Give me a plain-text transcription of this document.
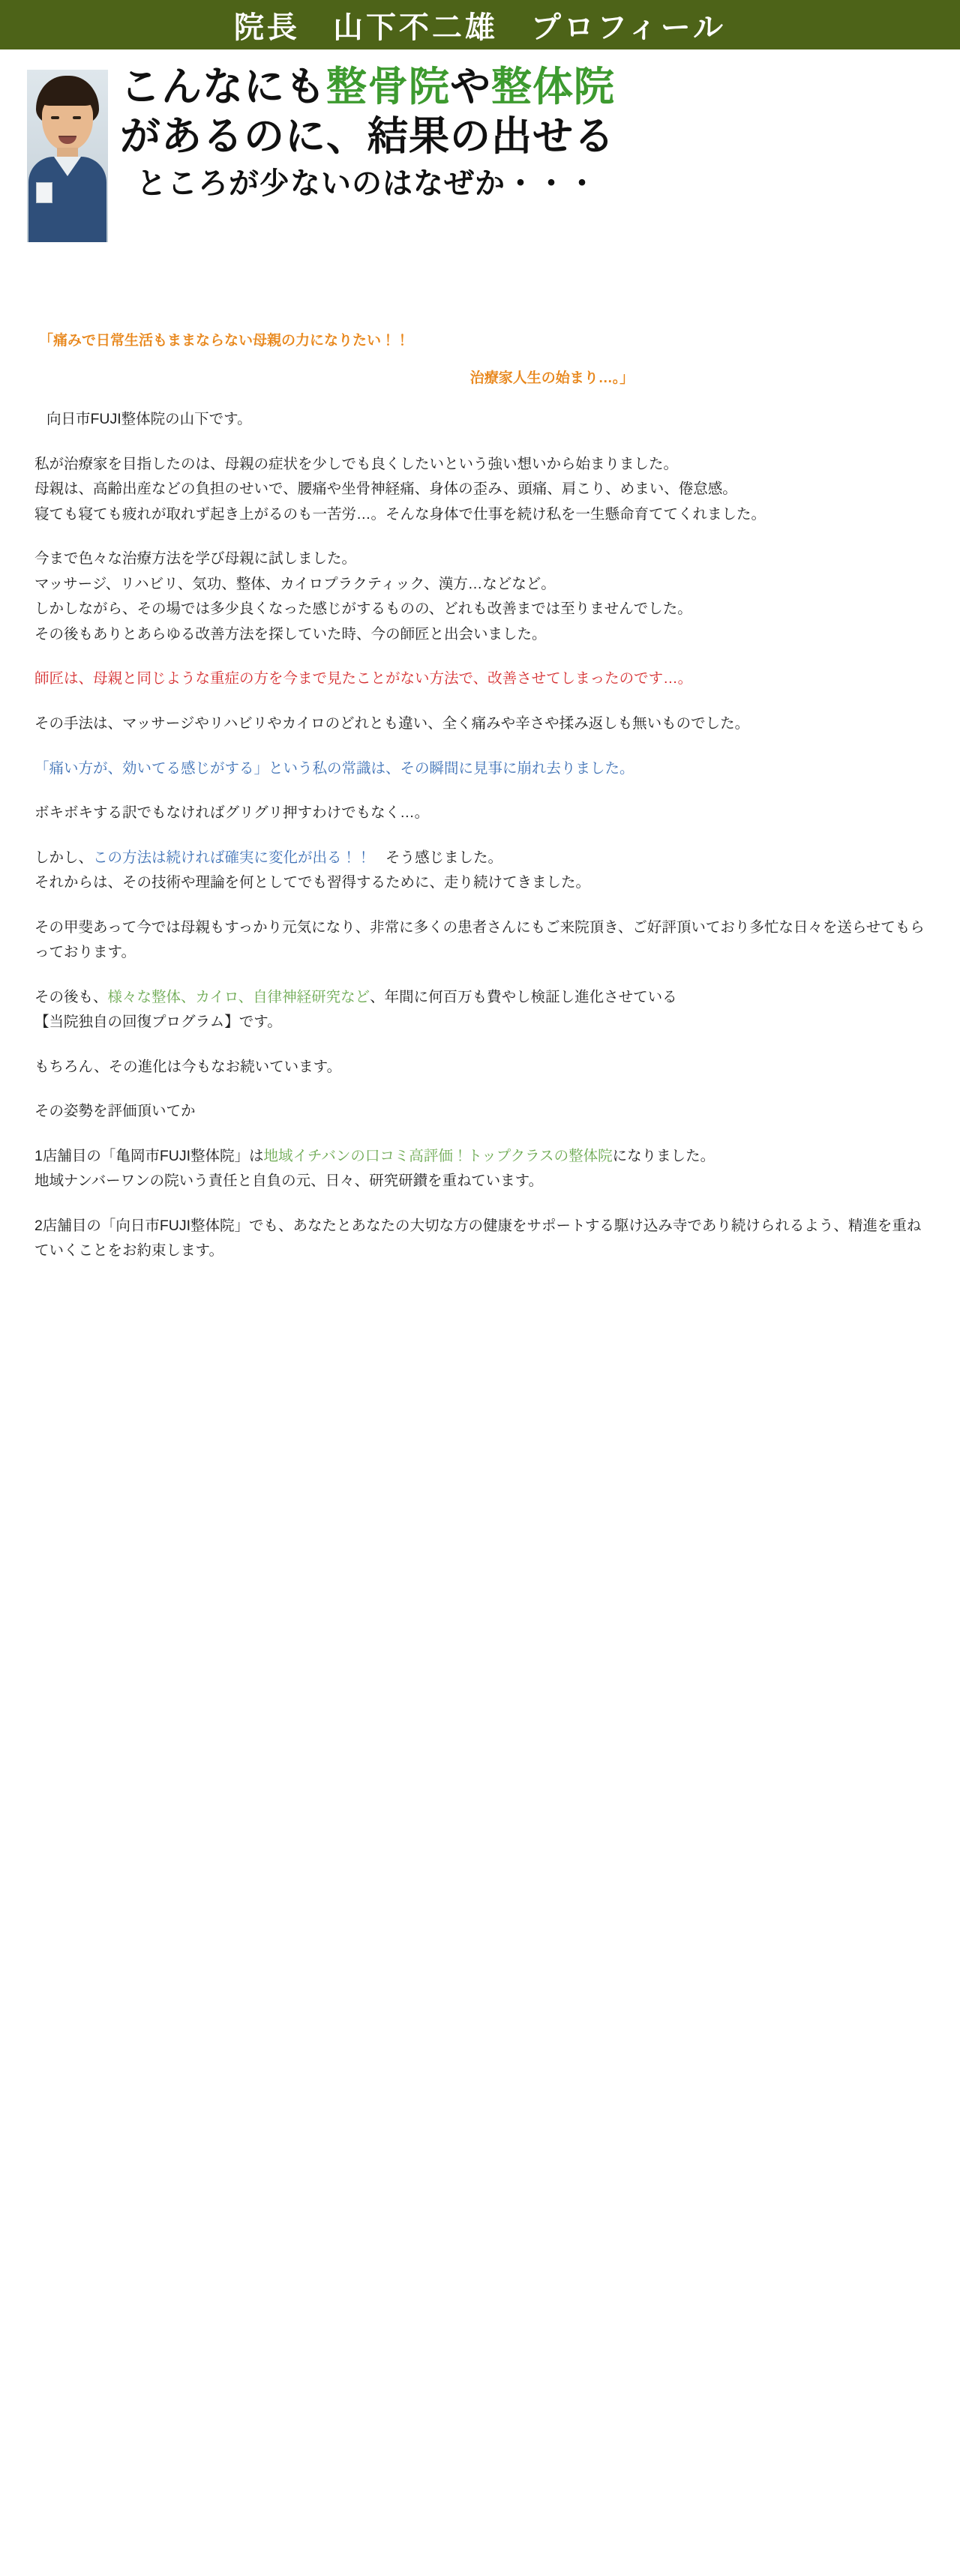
院長　山下不二雄　プロフィール
こんなにも整骨院や整体院
があるのに、結果の出せる
ところが少ないのはなぜか・・・
「痛みで日常生活もままならない母親の力になりたい！！
治療家人生の始まり…。」

向日市FUJI整体院の山下です。

私が治療家を目指したのは、母親の症状を少しでも良くしたいという強い想いから始まりました。
母親は、高齢出産などの負担のせいで、腰痛や坐骨神経痛、身体の歪み、頭痛、肩こり、めまい、倦怠感。
寝ても寝ても疲れが取れず起き上がるのも一苦労…。そんな身体で仕事を続け私を一生懸命育ててくれました。

今まで色々な治療方法を学び母親に試しました。
マッサージ、リハビリ、気功、整体、カイロプラクティック、漢方…などなど。
しかしながら、その場では多少良くなった感じがするものの、どれも改善までは至りませんでした。
その後もありとあらゆる改善方法を探していた時、今の師匠と出会いました。

師匠は、母親と同じような重症の方を今まで見たことがない方法で、改善させてしまったのです…。

その手法は、マッサージやリハビリやカイロのどれとも違い、全く痛みや辛さや揉み返しも無いものでした。

「痛い方が、効いてる感じがする」という私の常識は、その瞬間に見事に崩れ去りました。

ボキボキする訳でもなければグリグリ押すわけでもなく…。

しかし、この方法は続ければ確実に変化が出る！！　そう感じました。
それからは、その技術や理論を何としてでも習得するために、走り続けてきました。

その甲斐あって今では母親もすっかり元気になり、非常に多くの患者さんにもご来院頂き、ご好評頂いており多忙な日々を送らせてもらっております。

その後も、様々な整体、カイロ、自律神経研究など、年間に何百万も費やし検証し進化させている
【当院独自の回復プログラム】です。

もちろん、その進化は今もなお続いています。

その姿勢を評価頂いてか

1店舗目の「亀岡市FUJI整体院」は地域イチバンの口コミ高評価！トップクラスの整体院になりました。
地域ナンバーワンの院いう責任と自負の元、日々、研究研鑚を重ねています。

2店舗目の「向日市FUJI整体院」でも、あなたとあなたの大切な方の健康をサポートする駆け込み寺であり続けられるよう、精進を重ねていくことをお約束します。
